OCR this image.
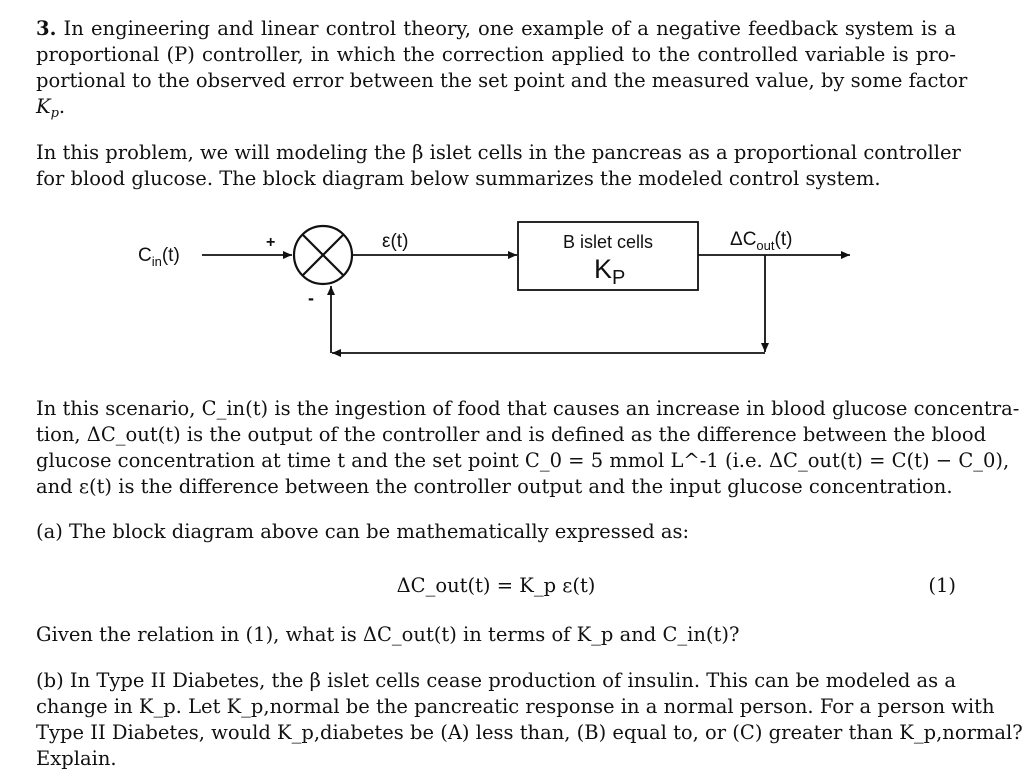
3. In engineering and linear control theory, one example of a negative feedback system is a
proportional (P) controller, in which the correction applied to the controlled variable is pro-
portional to the observed error between the set point and the measured value, by some factor
$K_p$.
In this problem, we will modeling the β islet cells in the pancreas as a proportional controller
for blood glucose. The block diagram below summarizes the modeled control system.
$C_{in}(t)$
+
-
ε(t)	B islet cells
$K_P$
$\Delta C_{out}(t)$
In this scenario, C_in(t) is the ingestion of food that causes an increase in blood glucose concentra-
tion, ΔC_out(t) is the output of the controller and is defined as the difference between the blood
glucose concentration at time t and the set point C_0 = 5 mmol L^-1 (i.e. ΔC_out(t) = C(t) − C_0),
and ε(t) is the difference between the controller output and the input glucose concentration.
(a) The block diagram above can be mathematically expressed as:
ΔC_out(t) = K_p ε(t)	(1)
Given the relation in (1), what is ΔC_out(t) in terms of K_p and C_in(t)?
(b) In Type II Diabetes, the β islet cells cease production of insulin. This can be modeled as a
change in K_p. Let K_p,normal be the pancreatic response in a normal person. For a person with
Type II Diabetes, would K_p,diabetes be (A) less than, (B) equal to, or (C) greater than K_p,normal?
Explain.
